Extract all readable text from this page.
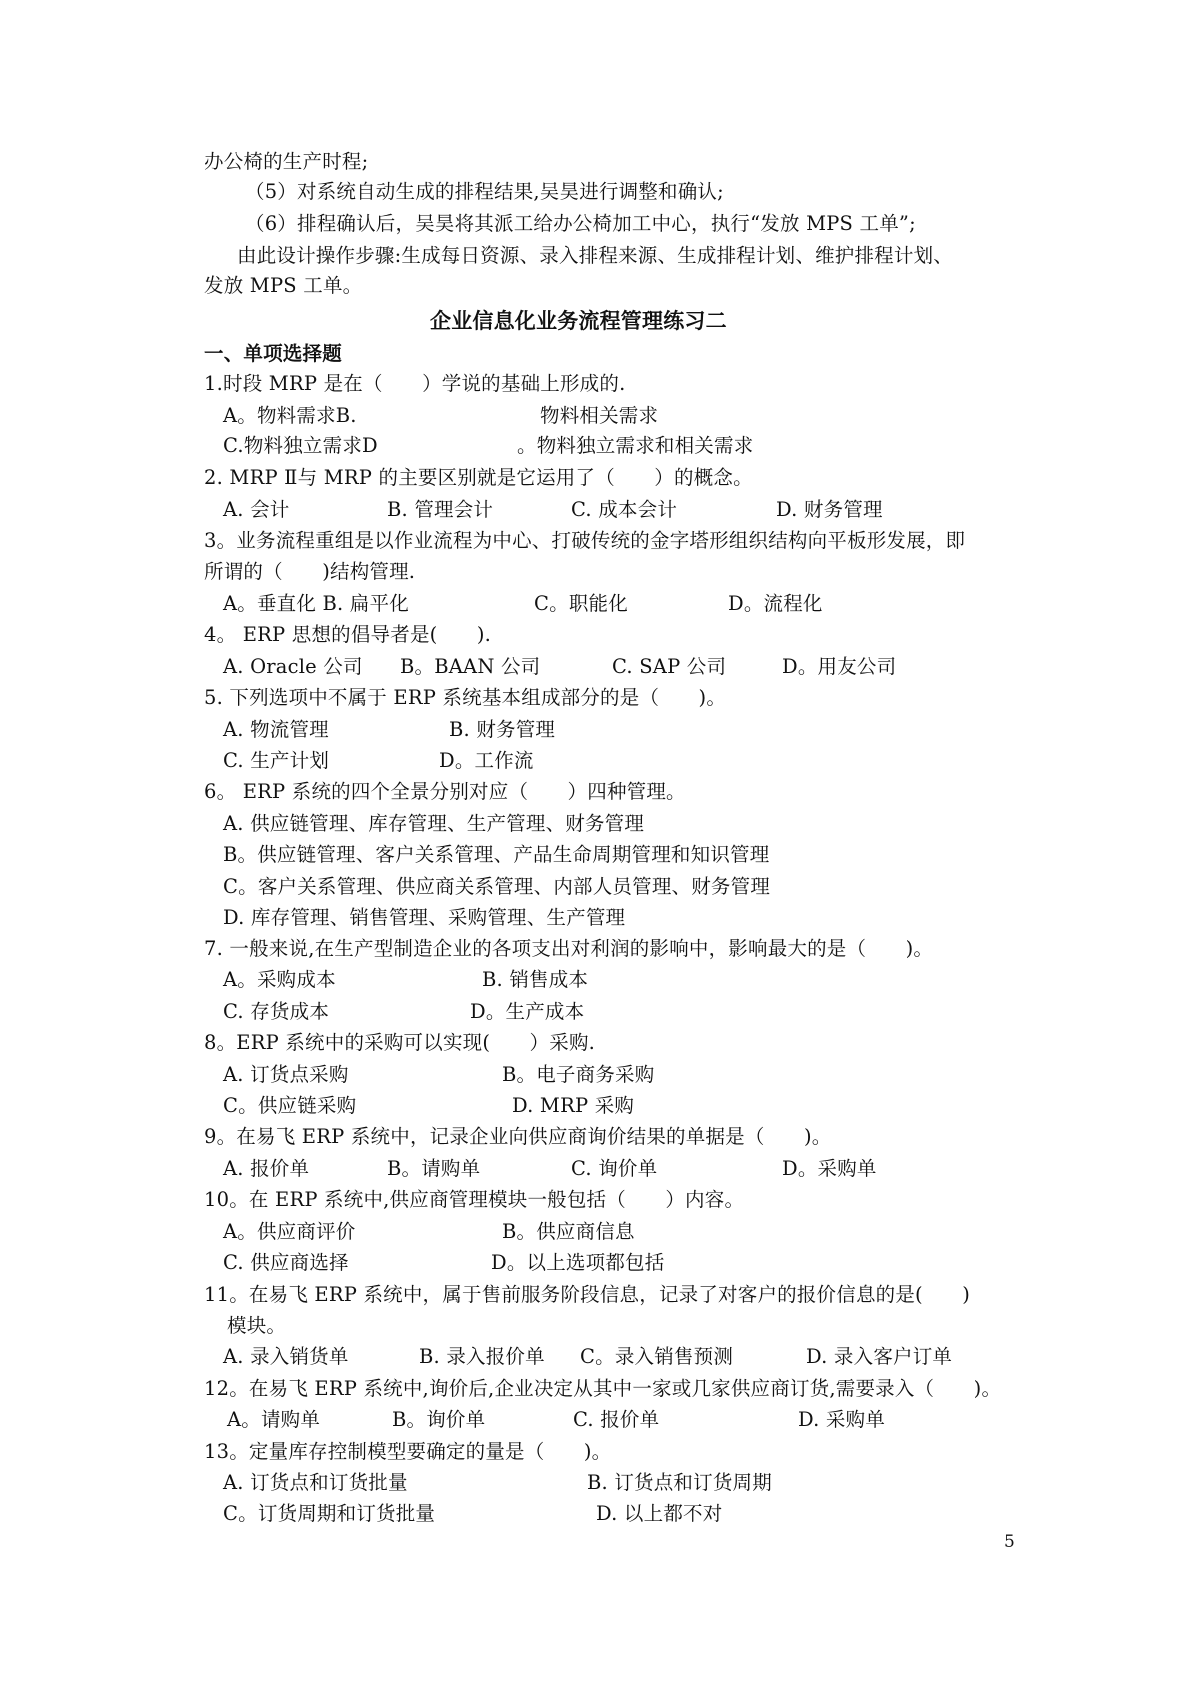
办公椅的生产时程;
（5）对系统自动生成的排程结果,吴昊进行调整和确认;
（6）排程确认后，吴昊将其派工给办公椅加工中心，执行“发放 MPS 工单”;
由此设计操作步骤:生成每日资源、录入排程来源、生成排程计划、维护排程计划、
发放 MPS 工单。
企业信息化业务流程管理练习二
一、单项选择题
1.时段 MRP 是在（　　）学说的基础上形成的.
A。物料需求B.	物料相关需求
C.物料独立需求D	。物料独立需求和相关需求
2. MRP Ⅱ与 MRP 的主要区别就是它运用了（　　）的概念。
A. 会计	B. 管理会计	C. 成本会计	D. 财务管理
3。业务流程重组是以作业流程为中心、打破传统的金字塔形组织结构向平板形发展，即
所谓的（　　)结构管理.
A。垂直化 B. 扁平化	C。职能化	D。流程化
4。 ERP 思想的倡导者是(　　).
A. Oracle 公司 B。BAAN 公司	C. SAP 公司	D。用友公司
5. 下列选项中不属于 ERP 系统基本组成部分的是（　　)。
A. 物流管理	B. 财务管理
C. 生产计划	D。工作流
6。 ERP 系统的四个全景分别对应（　　）四种管理。
A. 供应链管理、库存管理、生产管理、财务管理
B。供应链管理、客户关系管理、产品生命周期管理和知识管理
C。客户关系管理、供应商关系管理、内部人员管理、财务管理
D. 库存管理、销售管理、采购管理、生产管理
7. 一般来说,在生产型制造企业的各项支出对利润的影响中，影响最大的是（　　)。
A。采购成本	B. 销售成本
C. 存货成本	D。生产成本
8。ERP 系统中的采购可以实现(　　）采购.
A. 订货点采购	B。电子商务采购
C。供应链采购	D. MRP 采购
9。在易飞 ERP 系统中，记录企业向供应商询价结果的单据是（　　)。
A. 报价单	B。请购单	C. 询价单	D。采购单
10。在 ERP 系统中,供应商管理模块一般包括（　　）内容。
A。供应商评价	B。供应商信息
C. 供应商选择	D。以上选项都包括
11。在易飞 ERP 系统中，属于售前服务阶段信息，记录了对客户的报价信息的是(　　)
模块。
A. 录入销货单	B. 录入报价单 C。录入销售预测	D. 录入客户订单
12。在易飞 ERP 系统中,询价后,企业决定从其中一家或几家供应商订货,需要录入（　　)。
A。请购单	B。询价单	C. 报价单	D. 采购单
13。定量库存控制模型要确定的量是（　　)。
A. 订货点和订货批量	B. 订货点和订货周期
C。订货周期和订货批量	D. 以上都不对
5
